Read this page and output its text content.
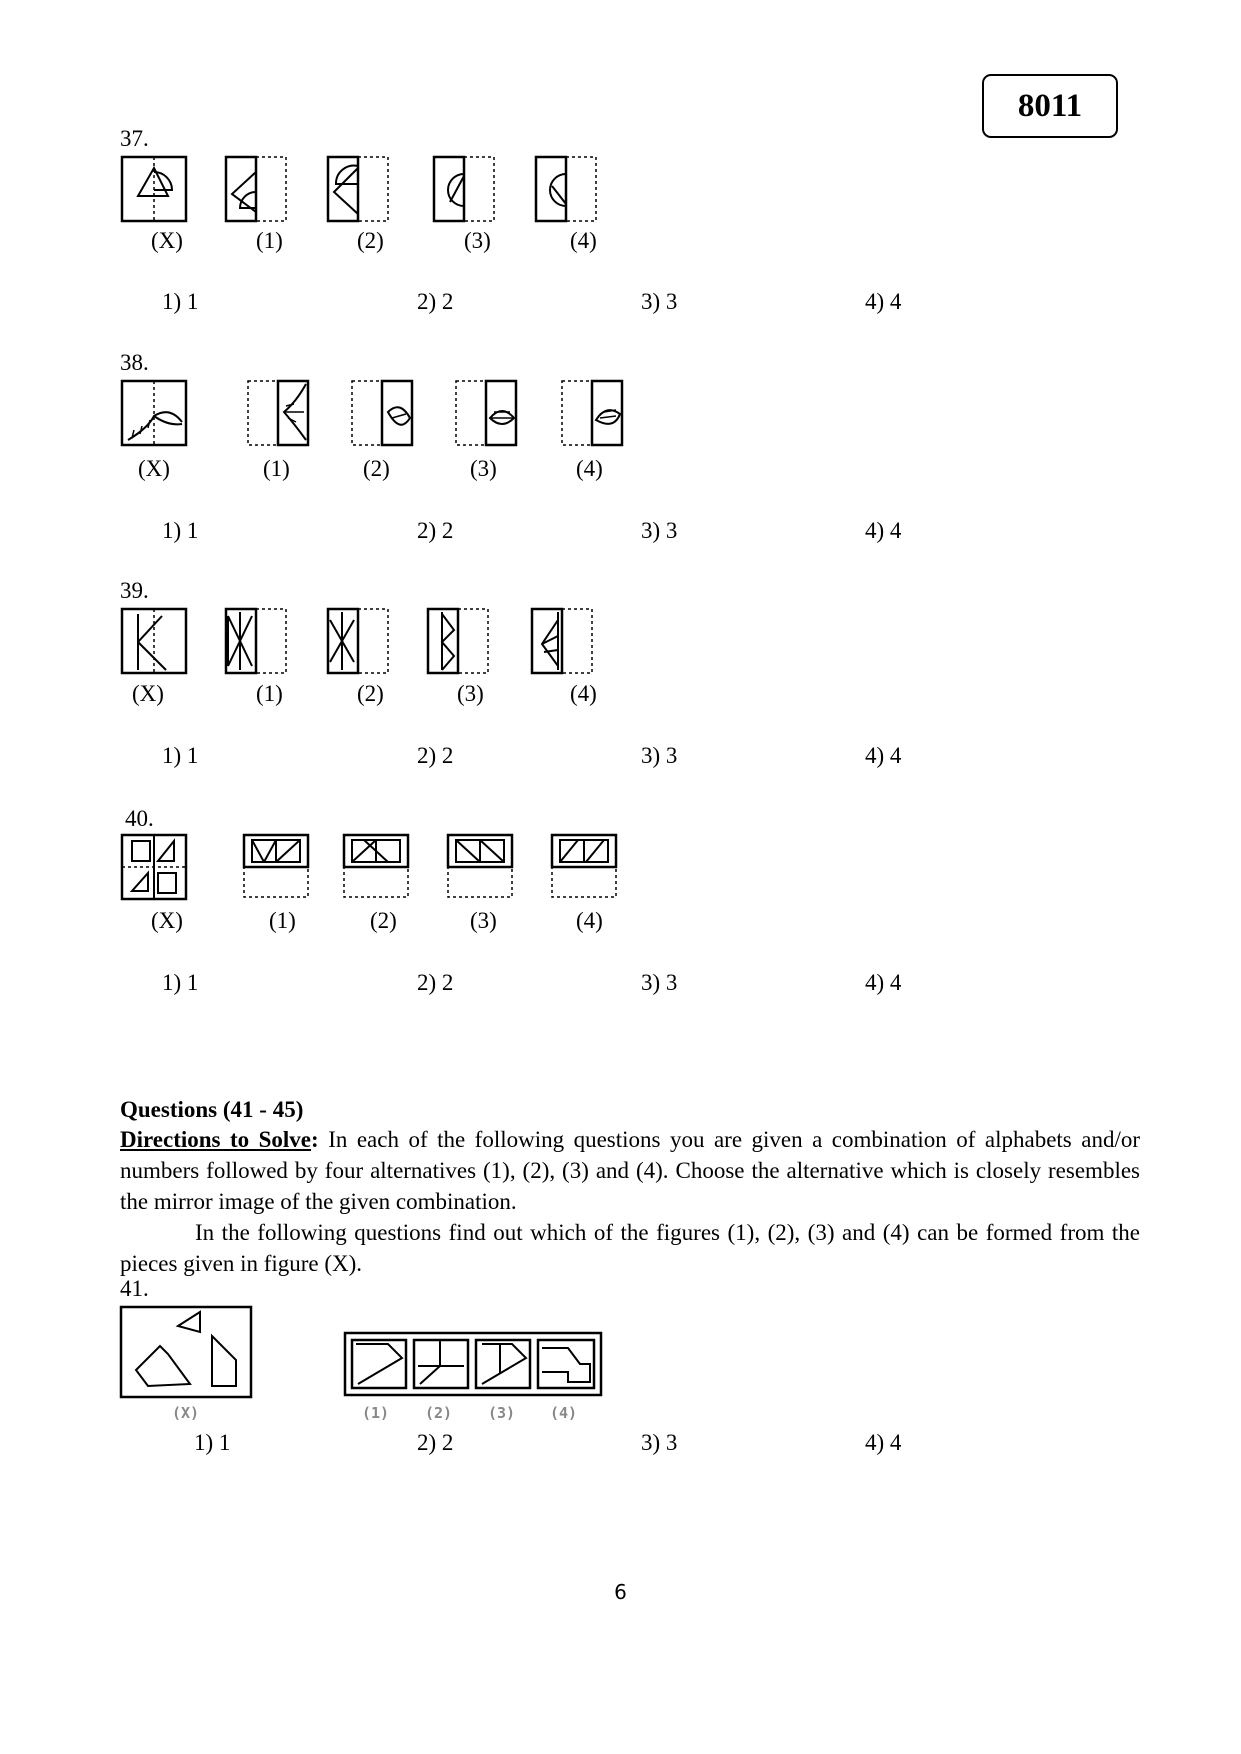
8011
37.
(X)	(1)	(2)	(3)	(4)
1) 1	2) 2	3) 3	4) 4
38.
(X)	(1)	(2)	(3)	(4)
1) 1	2) 2	3) 3	4) 4
39.
(X)	(1)	(2)	(3)	(4)
1) 1	2) 2	3) 3	4) 4
40.
(X)	(1)	(2)	(3)	(4)
1) 1	2) 2	3) 3	4) 4
Questions (41 - 45)
Directions to Solve: In each of the following questions you are given a combination of alphabets and/or numbers followed by four alternatives (1), (2), (3) and (4). Choose the alternative which is closely resembles the mirror image of the given combination.
In the following questions find out which of the figures (1), (2), (3) and (4) can be formed from the pieces given in figure (X).
41.
(X)	(1) (2) (3) (4)
1) 1	2) 2	3) 3	4) 4
6
